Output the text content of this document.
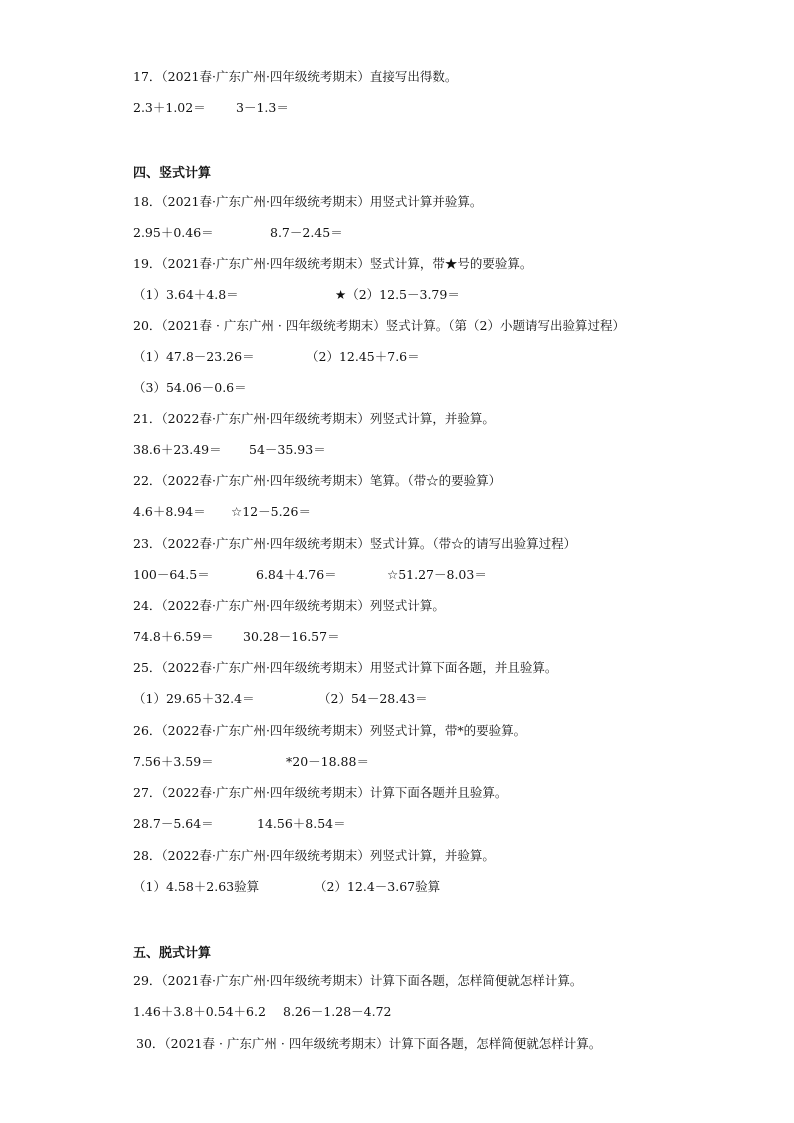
17．（2021春·广东广州·四年级统考期末）直接写出得数。
2.3＋1.02＝ 3－1.3＝
四、竖式计算
18．（2021春·广东广州·四年级统考期末）用竖式计算并验算。
2.95＋0.46＝	8.7－2.45＝
19．（2021春·广东广州·四年级统考期末）竖式计算，带★号的要验算。
（1）3.64＋4.8＝	★（2）12.5－3.79＝
20．（2021春 · 广东广州 · 四年级统考期末）竖式计算。（第（2）小题请写出验算过程）
（1）47.8－23.26＝	（2）12.45＋7.6＝
（3）54.06－0.6＝
21．（2022春·广东广州·四年级统考期末）列竖式计算，并验算。
38.6＋23.49＝ 54－35.93＝
22．（2022春·广东广州·四年级统考期末）笔算。（带☆的要验算）
4.6＋8.94＝ ☆12－5.26＝
23．（2022春·广东广州·四年级统考期末）竖式计算。（带☆的请写出验算过程）
100－64.5＝	6.84＋4.76＝	☆51.27－8.03＝
24．（2022春·广东广州·四年级统考期末）列竖式计算。
74.8＋6.59＝ 30.28－16.57＝
25．（2022春·广东广州·四年级统考期末）用竖式计算下面各题，并且验算。
（1）29.65＋32.4＝	（2）54－28.43＝
26．（2022春·广东广州·四年级统考期末）列竖式计算，带*的要验算。
7.56＋3.59＝	*20－18.88＝
27．（2022春·广东广州·四年级统考期末）计算下面各题并且验算。
28.7－5.64＝	14.56＋8.54＝
28．（2022春·广东广州·四年级统考期末）列竖式计算，并验算。
（1）4.58＋2.63验算	（2）12.4－3.67验算
五、脱式计算
29．（2021春·广东广州·四年级统考期末）计算下面各题，怎样简便就怎样计算。
1.46＋3.8＋0.54＋6.2 8.26－1.28－4.72
30．（2021春 · 广东广州 · 四年级统考期末）计算下面各题，怎样简便就怎样计算。
